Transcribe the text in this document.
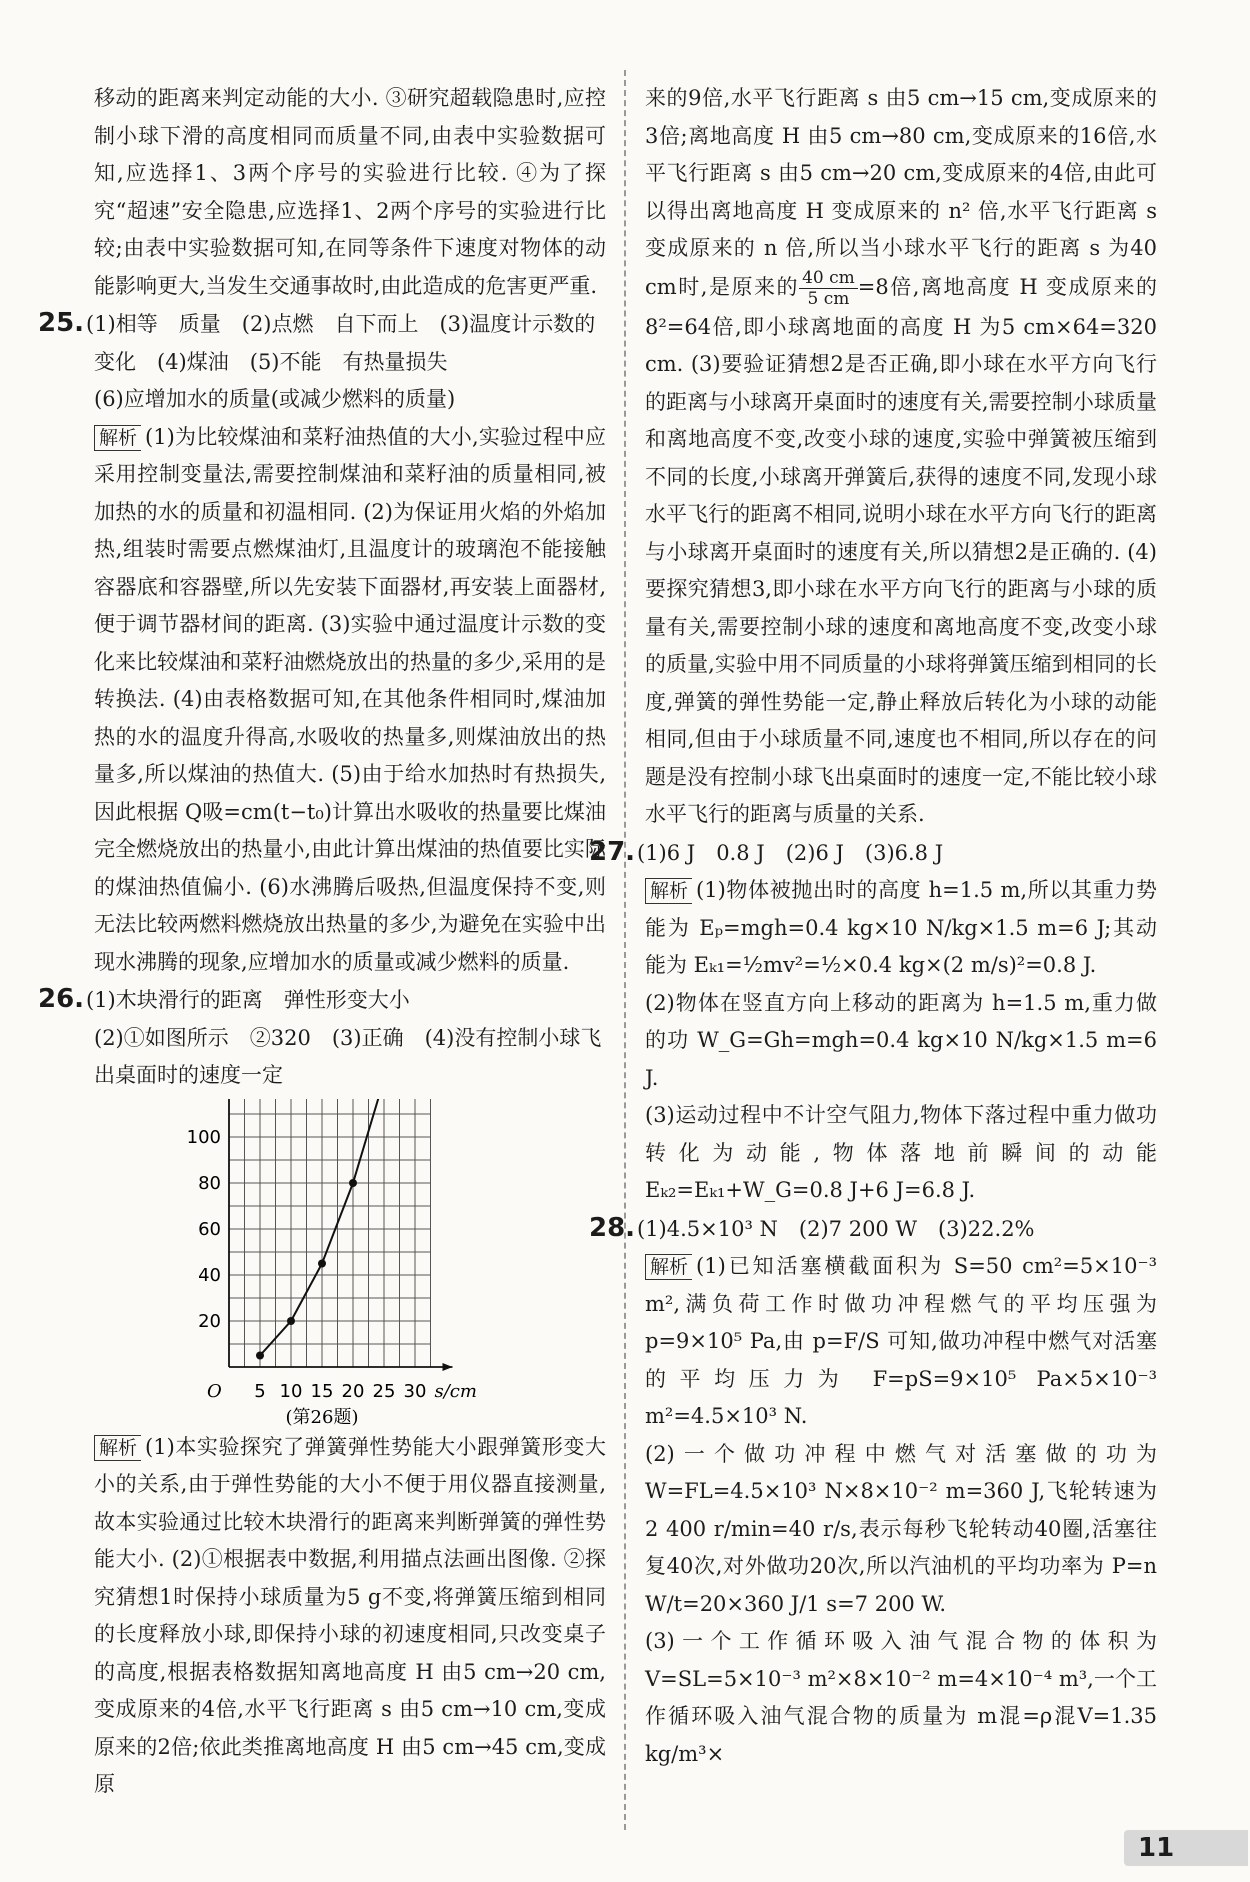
移动的距离来判定动能的大小. ③研究超载隐患时,应控制小球下滑的高度相同而质量不同,由表中实验数据可知,应选择1、3两个序号的实验进行比较. ④为了探究“超速”安全隐患,应选择1、2两个序号的实验进行比较;由表中实验数据可知,在同等条件下速度对物体的动能影响更大,当发生交通事故时,由此造成的危害更严重.

25.(1)相等　质量　(2)点燃　自下而上　(3)温度计示数的变化　(4)煤油　(5)不能　有热量损失

(6)应增加水的质量(或减少燃料的质量)

解析 (1)为比较煤油和菜籽油热值的大小,实验过程中应采用控制变量法,需要控制煤油和菜籽油的质量相同,被加热的水的质量和初温相同. (2)为保证用火焰的外焰加热,组装时需要点燃煤油灯,且温度计的玻璃泡不能接触容器底和容器壁,所以先安装下面器材,再安装上面器材,便于调节器材间的距离. (3)实验中通过温度计示数的变化来比较煤油和菜籽油燃烧放出的热量的多少,采用的是转换法. (4)由表格数据可知,在其他条件相同时,煤油加热的水的温度升得高,水吸收的热量多,则煤油放出的热量多,所以煤油的热值大. (5)由于给水加热时有热损失,因此根据 Q吸=cm(t−t₀)计算出水吸收的热量要比煤油完全燃烧放出的热量小,由此计算出煤油的热值要比实际的煤油热值偏小. (6)水沸腾后吸热,但温度保持不变,则无法比较两燃料燃烧放出热量的多少,为避免在实验中出现水沸腾的现象,应增加水的质量或减少燃料的质量.

26.(1)木块滑行的距离　弹性形变大小

(2)①如图所示　②320　(3)正确　(4)没有控制小球飞出桌面时的速度一定

s/cm
O 5 10 15 20 25 30
20
40
60
80
100
(第26题)

解析 (1)本实验探究了弹簧弹性势能大小跟弹簧形变大小的关系,由于弹性势能的大小不便于用仪器直接测量,故本实验通过比较木块滑行的距离来判断弹簧的弹性势能大小. (2)①根据表中数据,利用描点法画出图像. ②探究猜想1时保持小球质量为5 g不变,将弹簧压缩到相同的长度释放小球,即保持小球的初速度相同,只改变桌子的高度,根据表格数据知离地高度 H 由5 cm→20 cm,变成原来的4倍,水平飞行距离 s 由5 cm→10 cm,变成原来的2倍;依此类推离地高度 H 由5 cm→45 cm,变成原

来的9倍,水平飞行距离 s 由5 cm→15 cm,变成原来的3倍;离地高度 H 由5 cm→80 cm,变成原来的16倍,水平飞行距离 s 由5 cm→20 cm,变成原来的4倍,由此可以得出离地高度 H 变成原来的 n² 倍,水平飞行距离 s 变成原来的 n 倍,所以当小球水平飞行的距离 s 为40 cm时,是原来的 $\frac{40 cm}{5 cm} =8$倍,离地高度 H 变成原来的 8²=64倍,即小球离地面的高度 H 为5 cm×64=320 cm. (3)要验证猜想2是否正确,即小球在水平方向飞行的距离与小球离开桌面时的速度有关,需要控制小球质量和离地高度不变,改变小球的速度,实验中弹簧被压缩到不同的长度,小球离开弹簧后,获得的速度不同,发现小球水平飞行的距离不相同,说明小球在水平方向飞行的距离与小球离开桌面时的速度有关,所以猜想2是正确的. (4)要探究猜想3,即小球在水平方向飞行的距离与小球的质量有关,需要控制小球的速度和离地高度不变,改变小球的质量,实验中用不同质量的小球将弹簧压缩到相同的长度,弹簧的弹性势能一定,静止释放后转化为小球的动能相同,但由于小球质量不同,速度也不相同,所以存在的问题是没有控制小球飞出桌面时的速度一定,不能比较小球水平飞行的距离与质量的关系.

27.(1)6 J　0.8 J　(2)6 J　(3)6.8 J

解析 (1)物体被抛出时的高度 h=1.5 m,所以其重力势能为 Eₚ=mgh=0.4 kg×10 N/kg×1.5 m=6 J;其动能为 Eₖ₁=½mv²=½×0.4 kg×(2 m/s)²=0.8 J.

(2)物体在竖直方向上移动的距离为 h=1.5 m,重力做的功 W_G=Gh=mgh=0.4 kg×10 N/kg×1.5 m=6 J.

(3)运动过程中不计空气阻力,物体下落过程中重力做功转化为动能,物体落地前瞬间的动能 Eₖ₂=Eₖ₁+W_G=0.8 J+6 J=6.8 J.

28.(1)4.5×10³ N　(2)7 200 W　(3)22.2%

解析 (1)已知活塞横截面积为 S=50 cm²=5×10⁻³ m²,满负荷工作时做功冲程燃气的平均压强为 p=9×10⁵ Pa,由 p=F/S 可知,做功冲程中燃气对活塞的平均压力为 F=pS=9×10⁵ Pa×5×10⁻³ m²=4.5×10³ N.

(2)一个做功冲程中燃气对活塞做的功为 W=FL=4.5×10³ N×8×10⁻² m=360 J,飞轮转速为2 400 r/min=40 r/s,表示每秒飞轮转动40圈,活塞往复40次,对外做功20次,所以汽油机的平均功率为 P=n W/t=20×360 J/1 s=7 200 W.

(3)一个工作循环吸入油气混合物的体积为 V=SL=5×10⁻³ m²×8×10⁻² m=4×10⁻⁴ m³,一个工作循环吸入油气混合物的质量为 m混=ρ混V=1.35 kg/m³×

11
